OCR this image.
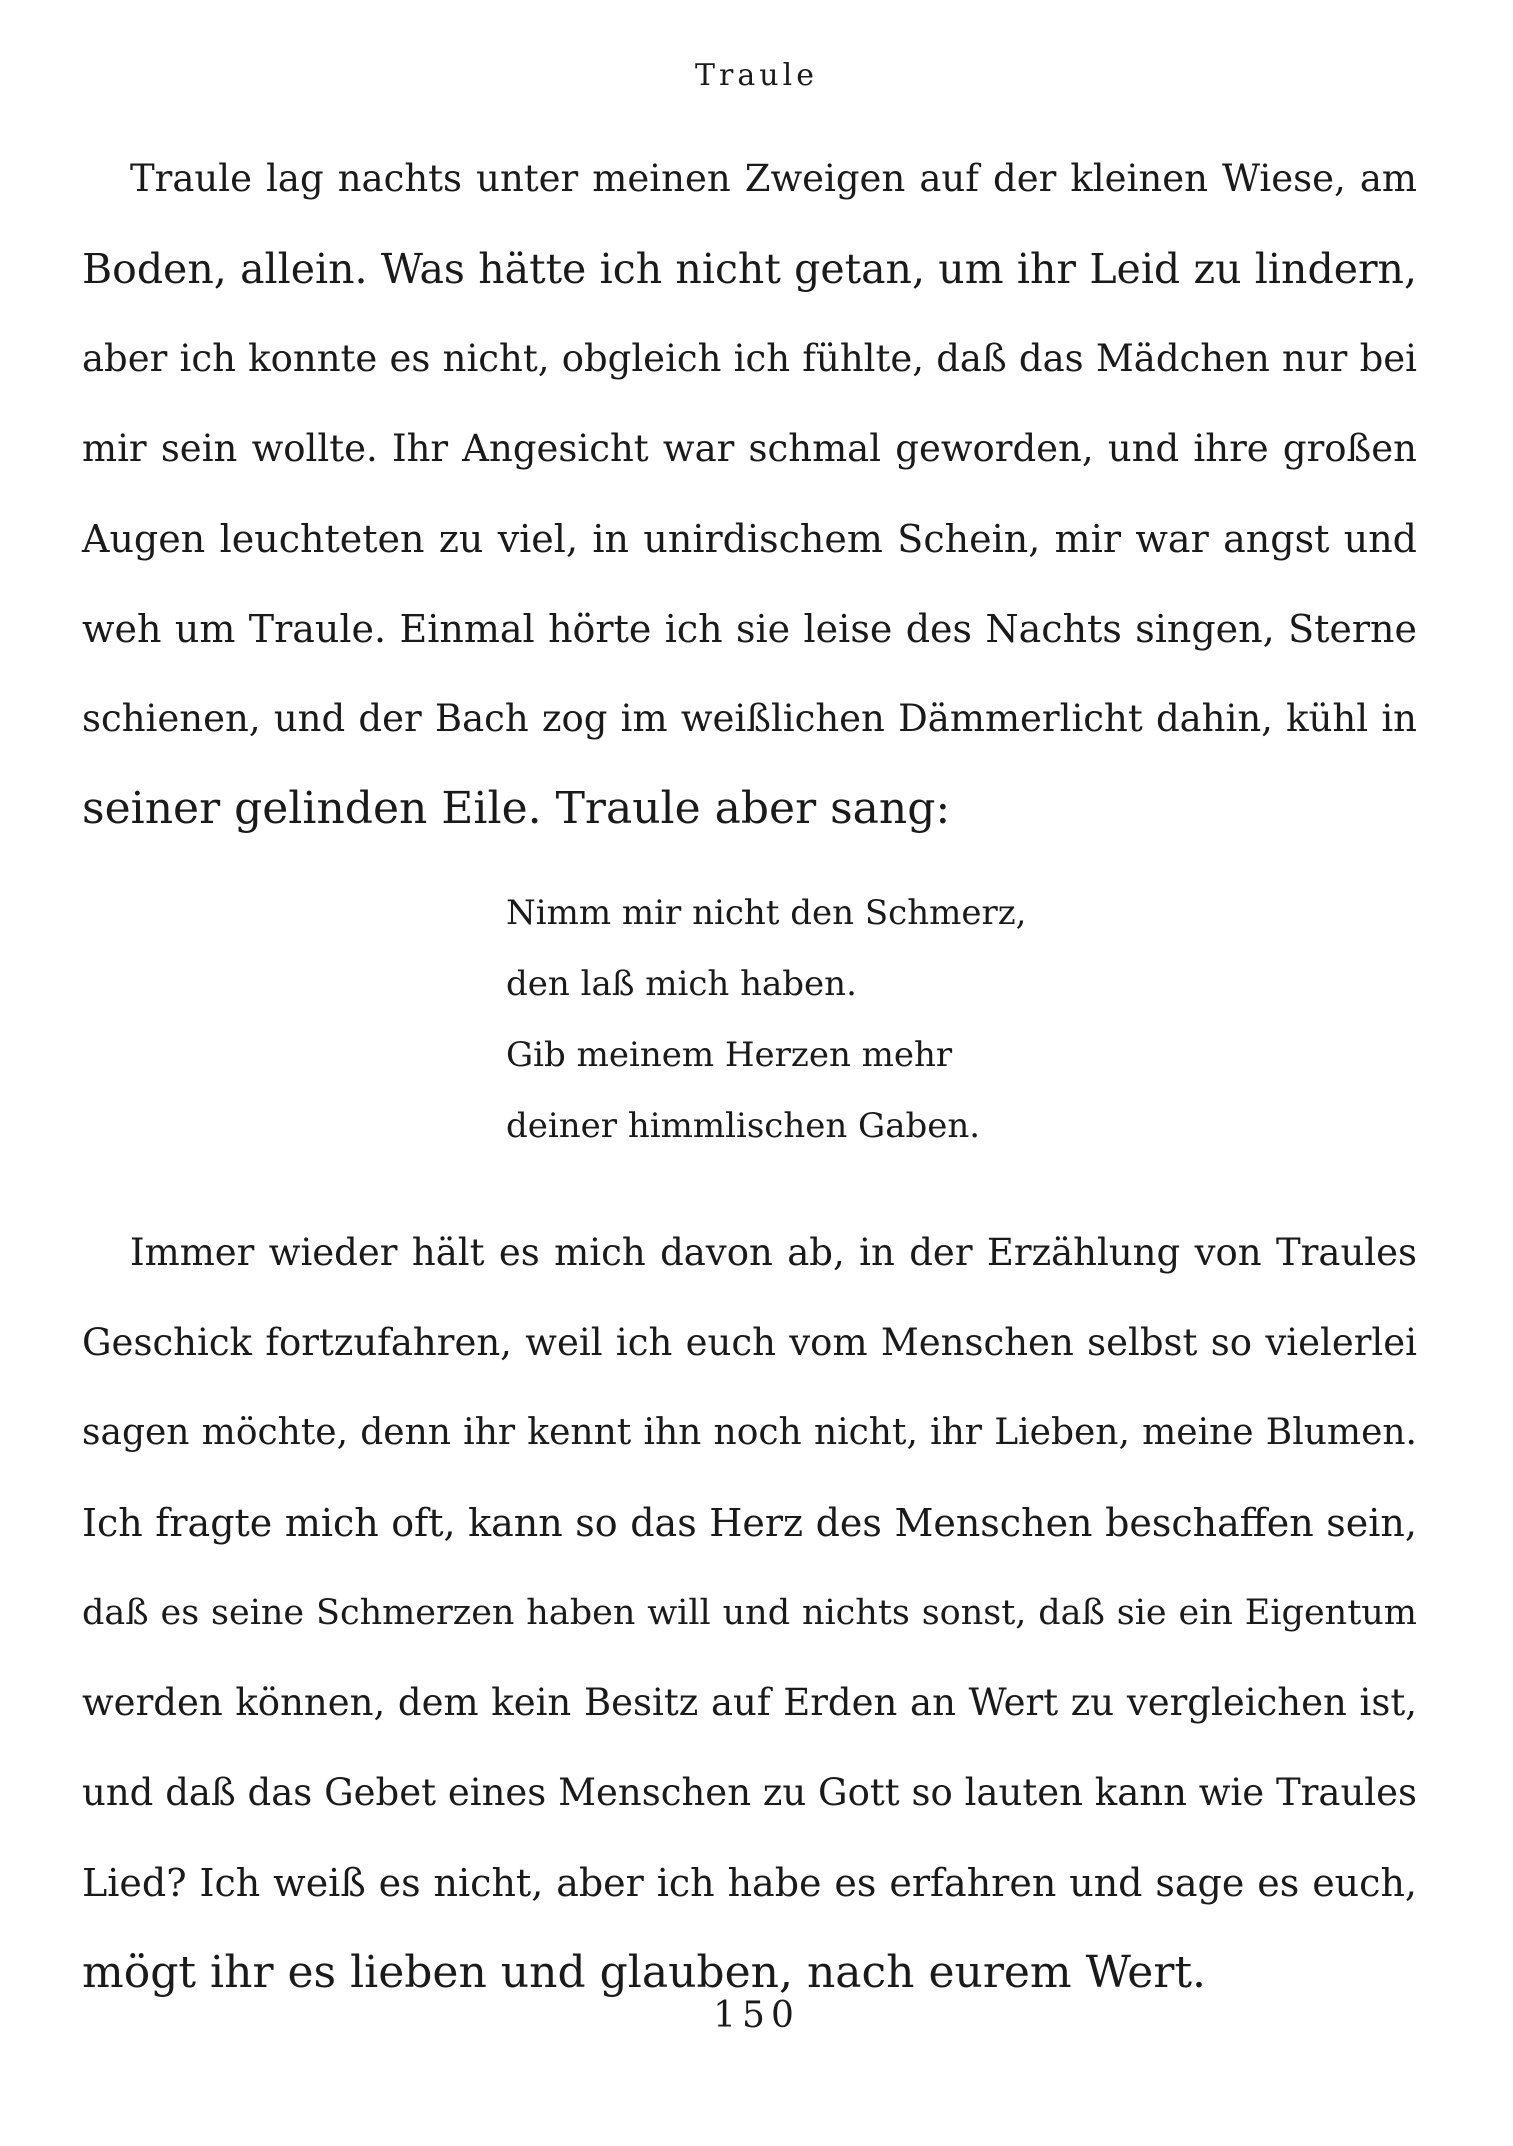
Traule

Traule lag nachts unter meinen Zweigen auf der kleinen Wiese, am
Boden, allein. Was hätte ich nicht getan, um ihr Leid zu lindern,
aber ich konnte es nicht, obgleich ich fühlte, daß das Mädchen nur bei
mir sein wollte. Ihr Angesicht war schmal geworden, und ihre großen
Augen leuchteten zu viel, in unirdischem Schein, mir war angst und
weh um Traule. Einmal hörte ich sie leise des Nachts singen, Sterne
schienen, und der Bach zog im weißlichen Dämmerlicht dahin, kühl in
seiner gelinden Eile. Traule aber sang:

Nimm mir nicht den Schmerz,
den laß mich haben.
Gib meinem Herzen mehr
deiner himmlischen Gaben.

Immer wieder hält es mich davon ab, in der Erzählung von Traules
Geschick fortzufahren, weil ich euch vom Menschen selbst so vielerlei
sagen möchte, denn ihr kennt ihn noch nicht, ihr Lieben, meine Blumen.
Ich fragte mich oft, kann so das Herz des Menschen beschaffen sein,
daß es seine Schmerzen haben will und nichts sonst, daß sie ein Eigentum
werden können, dem kein Besitz auf Erden an Wert zu vergleichen ist,
und daß das Gebet eines Menschen zu Gott so lauten kann wie Traules
Lied? Ich weiß es nicht, aber ich habe es erfahren und sage es euch,
mögt ihr es lieben und glauben, nach eurem Wert.

150
